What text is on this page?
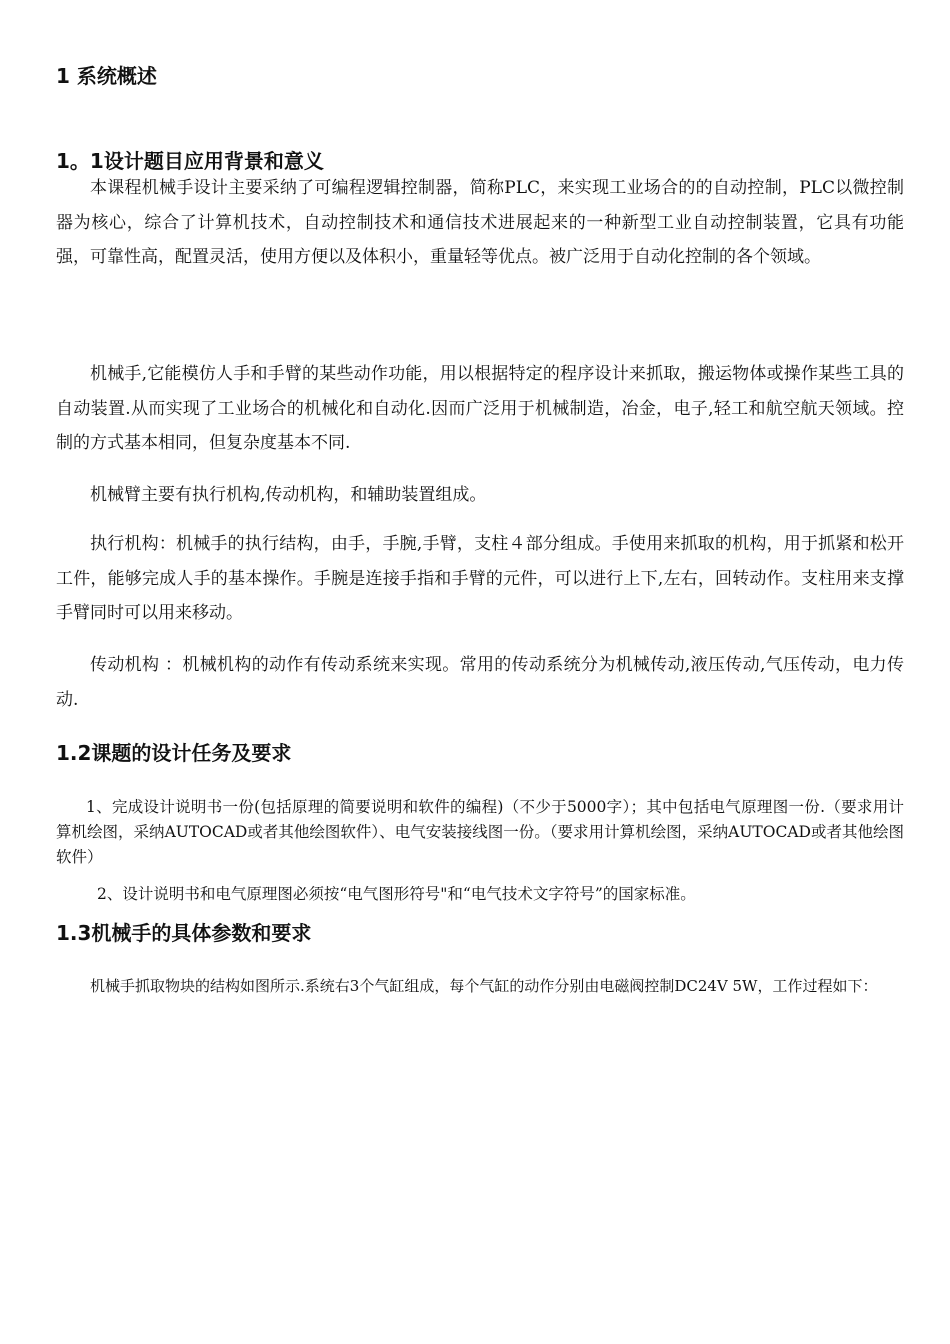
1 系统概述
1。1设计题目应用背景和意义

本课程机械手设计主要采纳了可编程逻辑控制器，简称PLC，来实现工业场合的的自动控制，PLC以微控制器为核心，综合了计算机技术，自动控制技术和通信技术进展起来的一种新型工业自动控制装置，它具有功能强，可靠性高，配置灵活，使用方便以及体积小，重量轻等优点。被广泛用于自动化控制的各个领域。

机械手,它能模仿人手和手臂的某些动作功能，用以根据特定的程序设计来抓取，搬运物体或操作某些工具的自动装置.从而实现了工业场合的机械化和自动化.因而广泛用于机械制造，冶金，电子,轻工和航空航天领域。控制的方式基本相同，但复杂度基本不同.

机械臂主要有执行机构,传动机构，和辅助装置组成。

执行机构：机械手的执行结构，由手，手腕,手臂，支柱４部分组成。手使用来抓取的机构，用于抓紧和松开工件，能够完成人手的基本操作。手腕是连接手指和手臂的元件，可以进行上下,左右，回转动作。支柱用来支撑手臂同时可以用来移动。

传动机构 ：机械机构的动作有传动系统来实现。常用的传动系统分为机械传动,液压传动,气压传动，电力传动.

1.2课题的设计任务及要求

1、完成设计说明书一份(包括原理的简要说明和软件的编程)（不少于5000字）；其中包括电气原理图一份.（要求用计算机绘图，采纳AUTOCAD或者其他绘图软件）、电气安装接线图一份。（要求用计算机绘图，采纳AUTOCAD或者其他绘图软件）

2、设计说明书和电气原理图必须按“电气图形符号"和“电气技术文字符号”的国家标准。

1.3机械手的具体参数和要求

机械手抓取物块的结构如图所示.系统右3个气缸组成，每个气缸的动作分别由电磁阀控制DC24V 5W，工作过程如下：
